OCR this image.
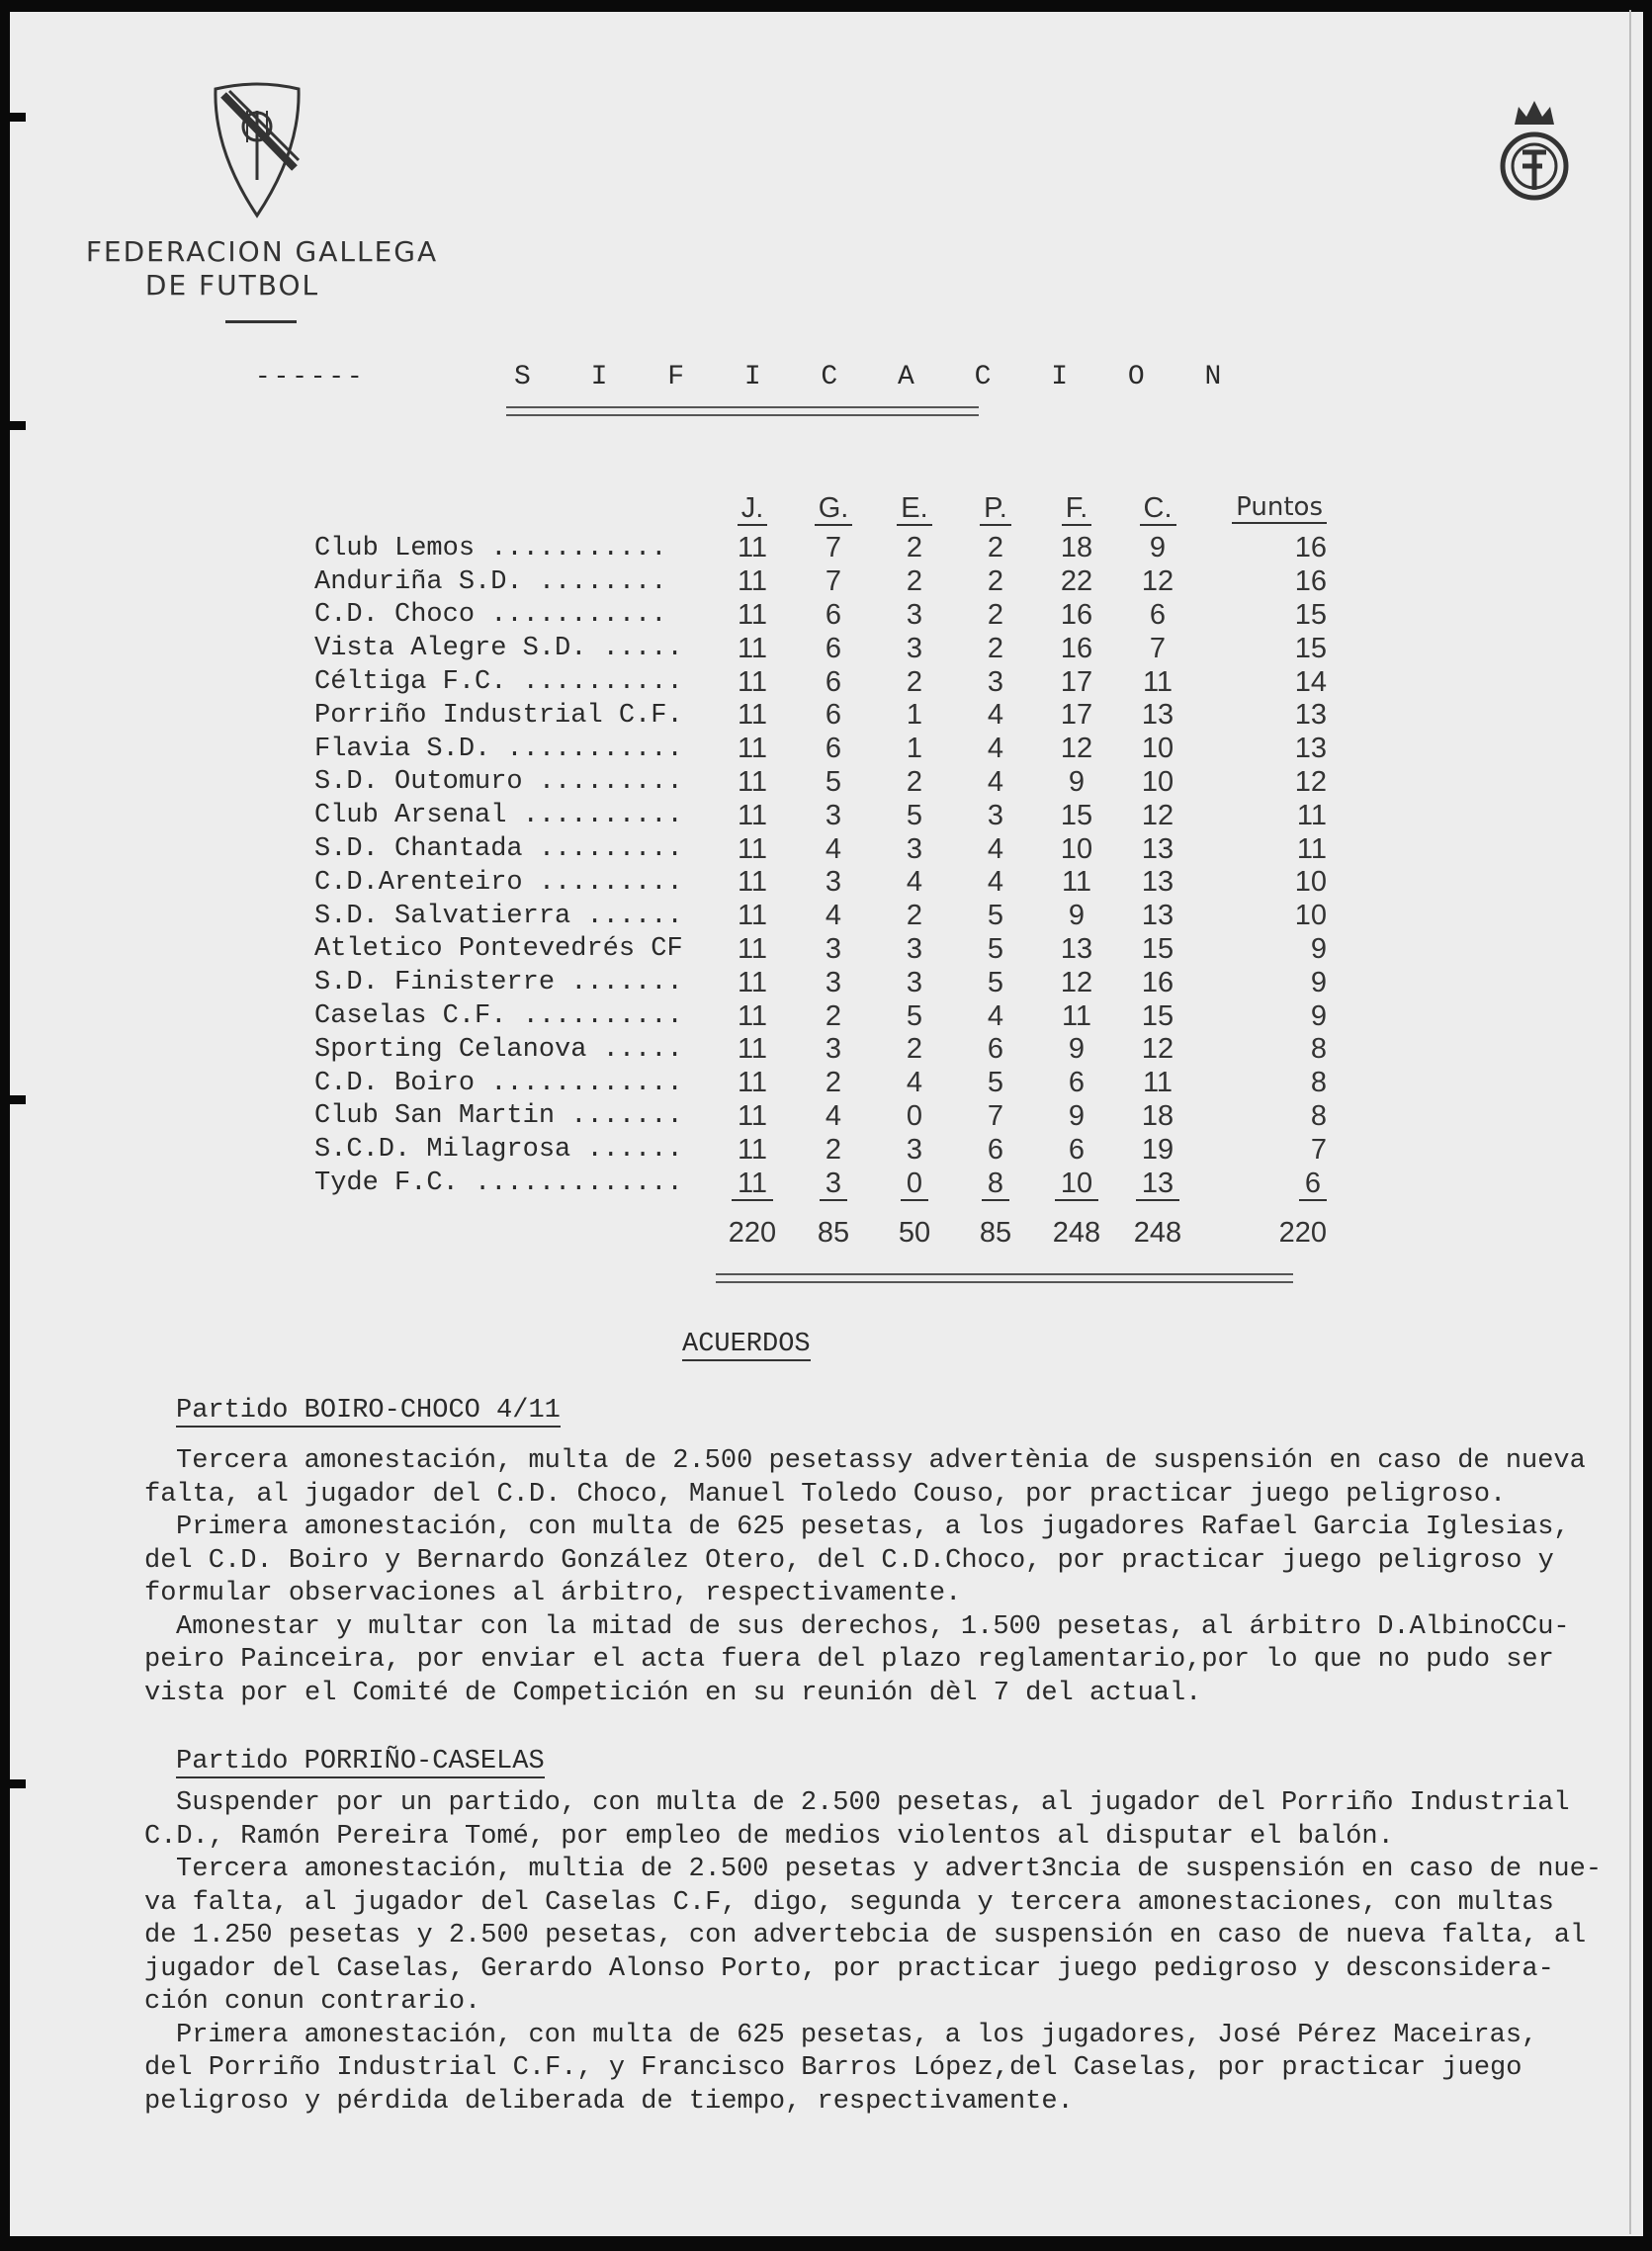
FEDERACION GALLEGA
DE FUTBOL
------	S I F I C A C I O N
	J.	G.	E.	P.	F.	C.	Puntos
Club Lemos ...........	11	7	2	2	18	9	16
Anduriña S.D. ........	11	7	2	2	22	12	16
C.D. Choco ...........	11	6	3	2	16	6	15
Vista Alegre S.D. .....	11	6	3	2	16	7	15
Céltiga F.C. ..........	11	6	2	3	17	11	14
Porriño Industrial C.F.	11	6	1	4	17	13	13
Flavia S.D. ...........	11	6	1	4	12	10	13
S.D. Outomuro .........	11	5	2	4	9	10	12
Club Arsenal ..........	11	3	5	3	15	12	11
S.D. Chantada .........	11	4	3	4	10	13	11
C.D.Arenteiro .........	11	3	4	4	11	13	10
S.D. Salvatierra ......	11	4	2	5	9	13	10
Atletico Pontevedrés CF	11	3	3	5	13	15	9
S.D. Finisterre .......	11	3	3	5	12	16	9
Caselas C.F. ..........	11	2	5	4	11	15	9
Sporting Celanova .....	11	3	2	6	9	12	8
C.D. Boiro ............	11	2	4	5	6	11	8
Club San Martin .......	11	4	0	7	9	18	8
S.C.D. Milagrosa ......	11	2	3	6	6	19	7
Tyde F.C. .............	11	3	0	8	10	13	6
	220	85	50	85	248	248	220
ACUERDOS
Partido BOIRO-CHOCO 4/11

Tercera amonestación, multa de 2.500 pesetassy advertènia de suspensión en caso de nueva
falta, al jugador del C.D. Choco, Manuel Toledo Couso, por practicar juego peligroso.

Primera amonestación, con multa de 625 pesetas, a los jugadores Rafael Garcia Iglesias,
del C.D. Boiro y Bernardo González Otero, del C.D.Choco, por practicar juego peligroso y
formular observaciones al árbitro, respectivamente.

Amonestar y multar con la mitad de sus derechos, 1.500 pesetas, al árbitro D.AlbinoCCu-
peiro Painceira, por enviar el acta fuera del plazo reglamentario,por lo que no pudo ser
vista por el Comité de Competición en su reunión dèl 7 del actual.

Partido PORRIÑO-CASELAS

Suspender por un partido, con multa de 2.500 pesetas, al jugador del Porriño Industrial
C.D., Ramón Pereira Tomé, por empleo de medios violentos al disputar el balón.

Tercera amonestación, multia de 2.500 pesetas y advert3ncia de suspensión en caso de nue-
va falta, al jugador del Caselas C.F, digo, segunda y tercera amonestaciones, con multas
de 1.250 pesetas y 2.500 pesetas, con advertebcia de suspensión en caso de nueva falta, al
jugador del Caselas, Gerardo Alonso Porto, por practicar juego pedigroso y desconsidera-
ción conun contrario.

Primera amonestación, con multa de 625 pesetas, a los jugadores, José Pérez Maceiras,
del Porriño Industrial C.F., y Francisco Barros López,del Caselas, por practicar juego
peligroso y pérdida deliberada de tiempo, respectivamente.
